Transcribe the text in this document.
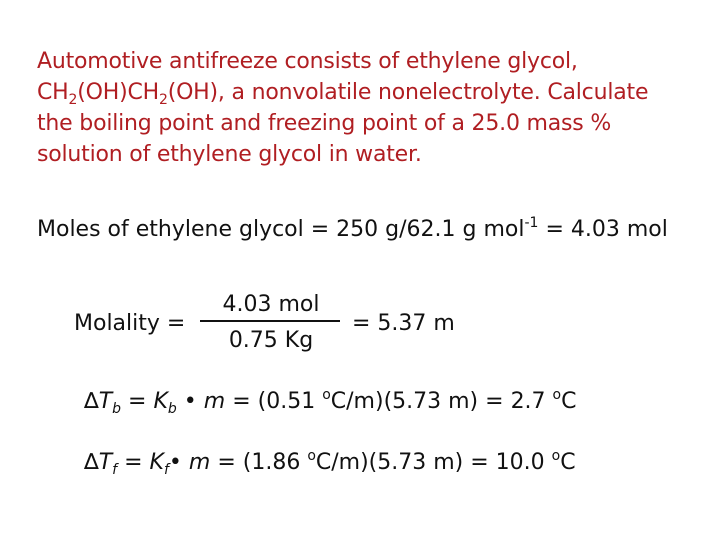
Automotive antifreeze consists of ethylene glycol,
$CH_2(OH)CH_2(OH)$, a nonvolatile nonelectrolyte. Calculate
the boiling point and freezing point of a 25.0 mass %
solution of ethylene glycol in water.
Moles of ethylene glycol = 250 g/62.1 g mol$^{-1}$ = 4.03 mol
Molality =
4.03 mol
0.75 Kg
= 5.37 m
$\Delta T_b = K_b$ • m = (0.51 $^o$C/m)(5.73 m) = 2.7 $^o$C
$\Delta T_f$ = $K_f•$ m = (1.86 $^o$C/m)(5.73 m) = 10.0 $^o$C
